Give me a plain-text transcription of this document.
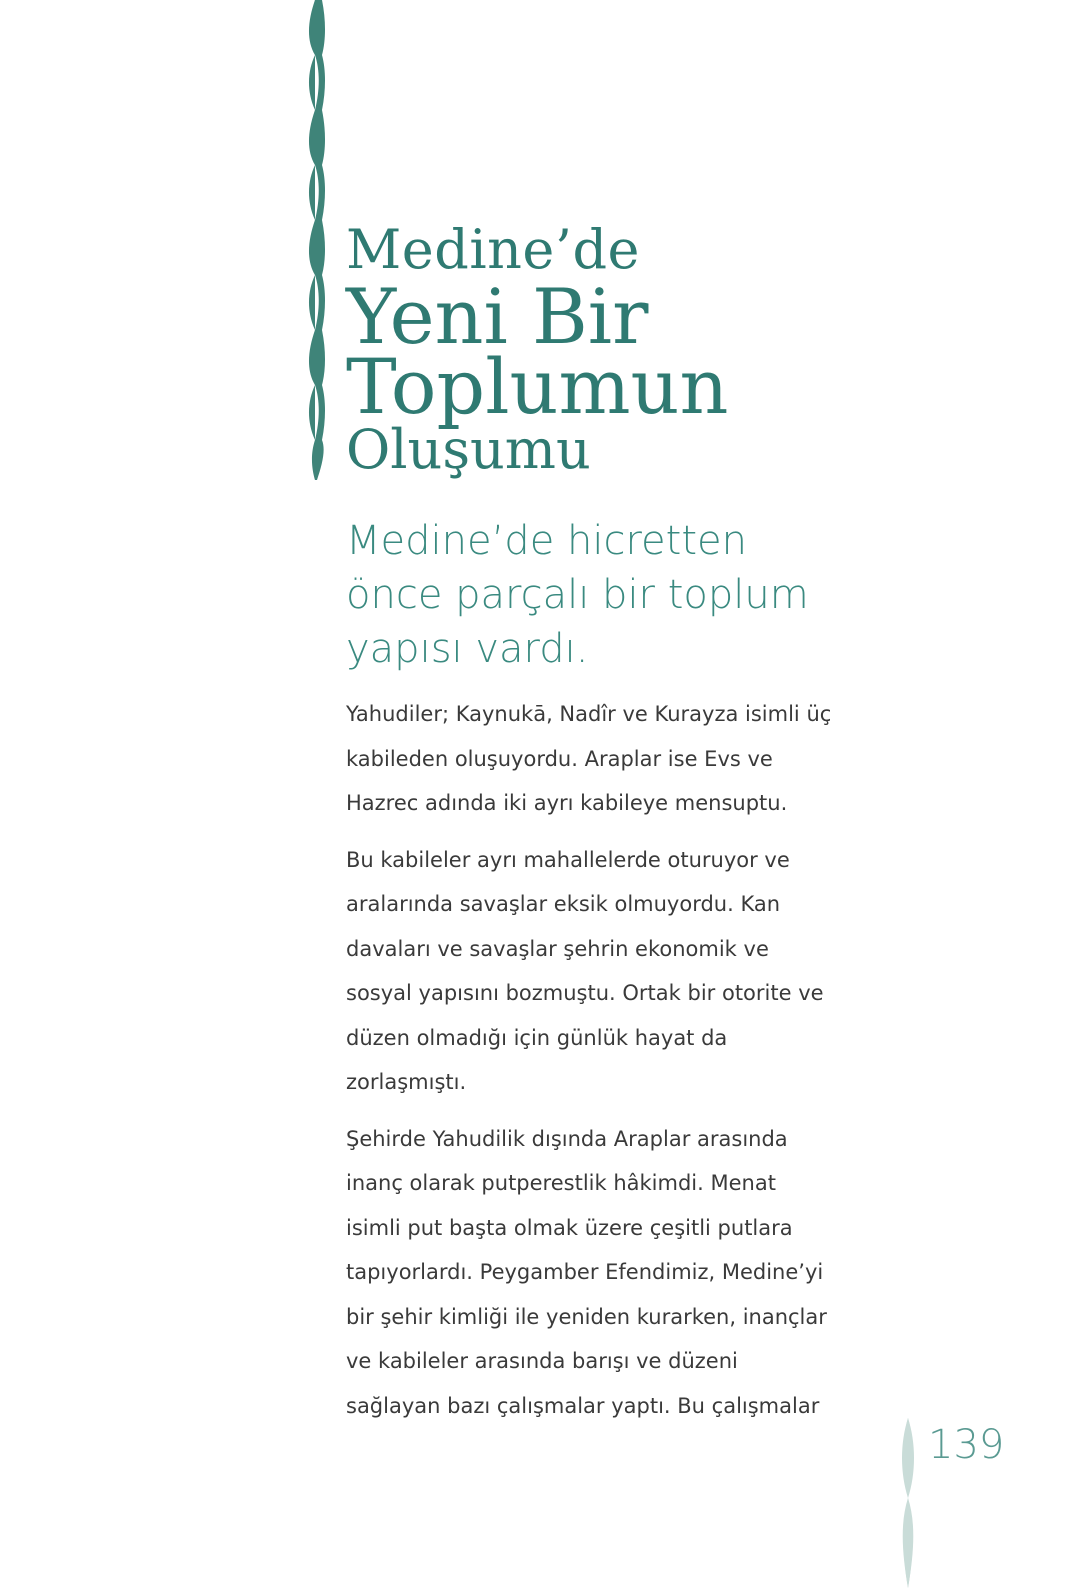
Medine’de
Yeni Bir
Toplumun
Oluşumu
Medine’de hicretten önce parçalı bir toplum yapısı vardı.

Yahudiler; Kaynukā, Nadîr ve Kurayza isimli üç kabileden oluşuyordu. Araplar ise Evs ve Hazrec adında iki ayrı kabileye mensuptu.

Bu kabileler ayrı mahallelerde oturuyor ve aralarında savaşlar eksik olmuyordu. Kan davaları ve savaşlar şehrin ekonomik ve sosyal yapısını bozmuştu. Ortak bir otorite ve düzen olmadığı için günlük hayat da zorlaşmıştı.

Şehirde Yahudilik dışında Araplar arasında inanç olarak putperestlik hâkimdi. Menat isimli put başta olmak üzere çeşitli putlara tapıyorlardı. Peygamber Efendimiz, Medine’yi bir şehir kimliği ile yeniden kurarken, inançlar ve kabileler arasında barışı ve düzeni sağlayan bazı çalışmalar yaptı. Bu çalışmalar

139
